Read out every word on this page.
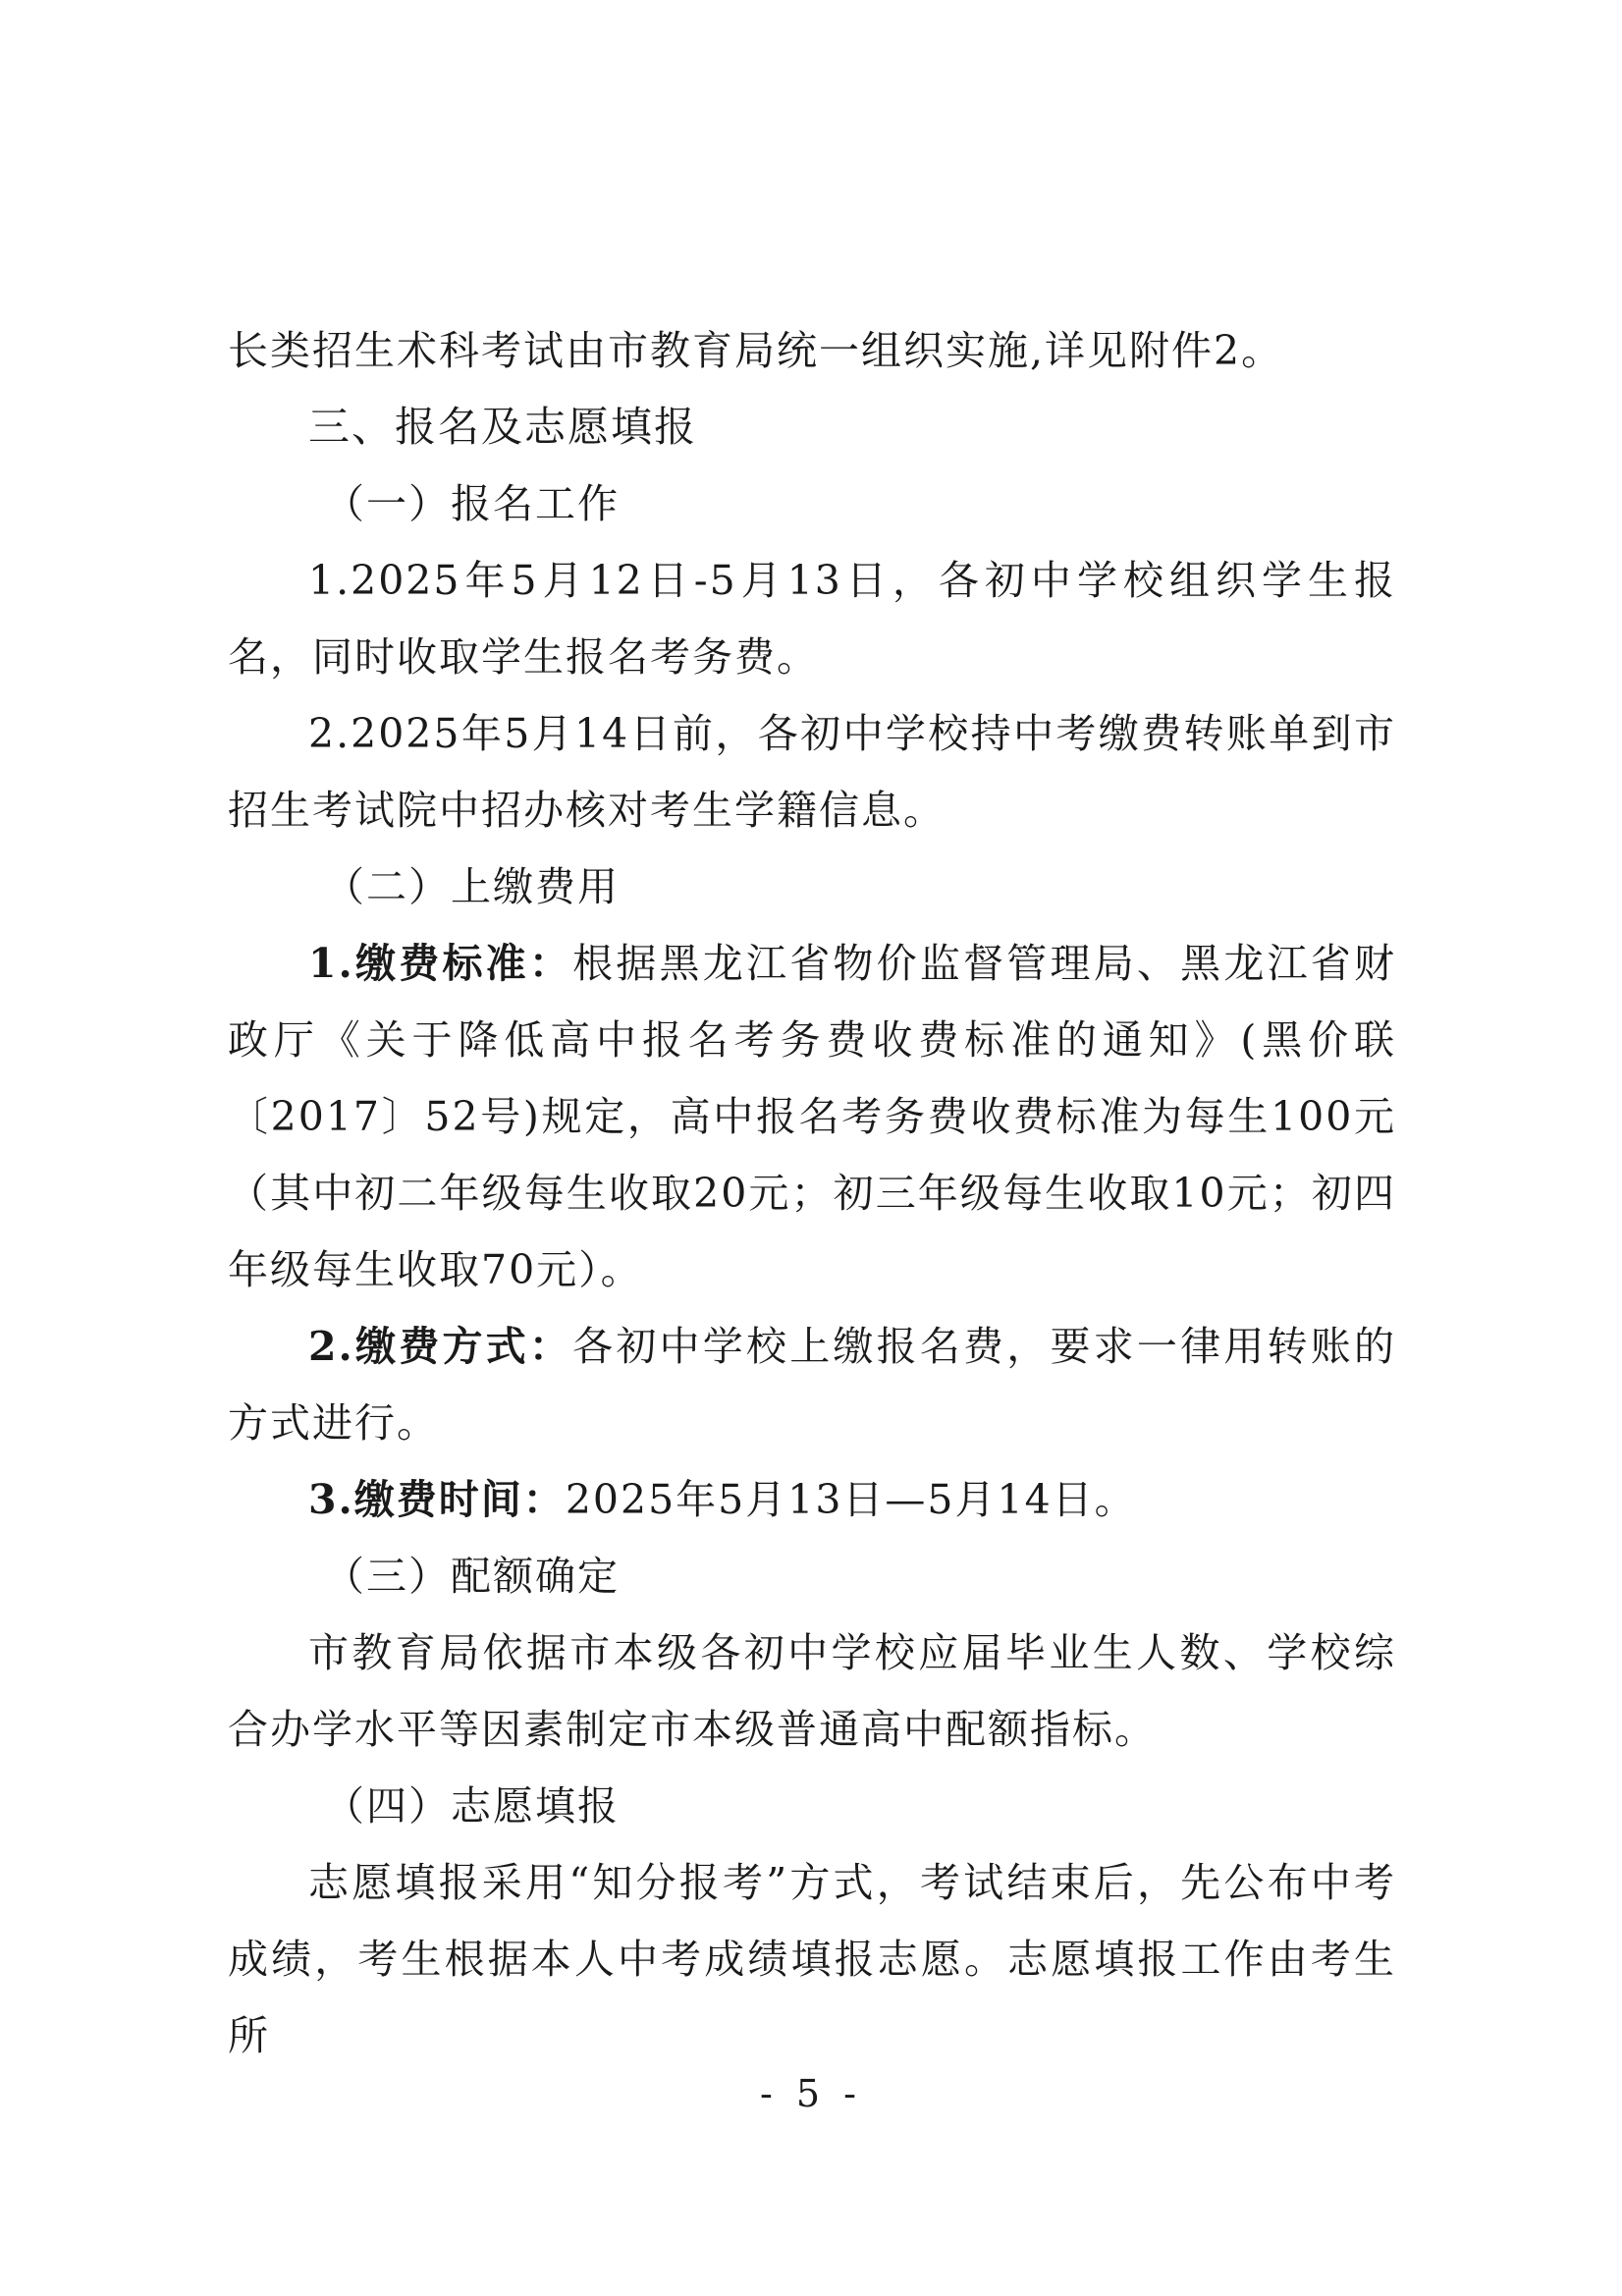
长类招生术科考试由市教育局统一组织实施,详见附件2。

三、报名及志愿填报

（一）报名工作

1.2025年5月12日-5月13日，各初中学校组织学生报名，同时收取学生报名考务费。

2.2025年5月14日前，各初中学校持中考缴费转账单到市招生考试院中招办核对考生学籍信息。

（二）上缴费用

1.缴费标准：根据黑龙江省物价监督管理局、黑龙江省财政厅《关于降低高中报名考务费收费标准的通知》(黑价联〔2017〕52号)规定，高中报名考务费收费标准为每生100元（其中初二年级每生收取20元；初三年级每生收取10元；初四年级每生收取70元）。

2.缴费方式：各初中学校上缴报名费，要求一律用转账的方式进行。

3.缴费时间：2025年5月13日—5月14日。

（三）配额确定

市教育局依据市本级各初中学校应届毕业生人数、学校综合办学水平等因素制定市本级普通高中配额指标。

（四）志愿填报

志愿填报采用“知分报考”方式，考试结束后，先公布中考成绩，考生根据本人中考成绩填报志愿。志愿填报工作由考生所

- 5 -
